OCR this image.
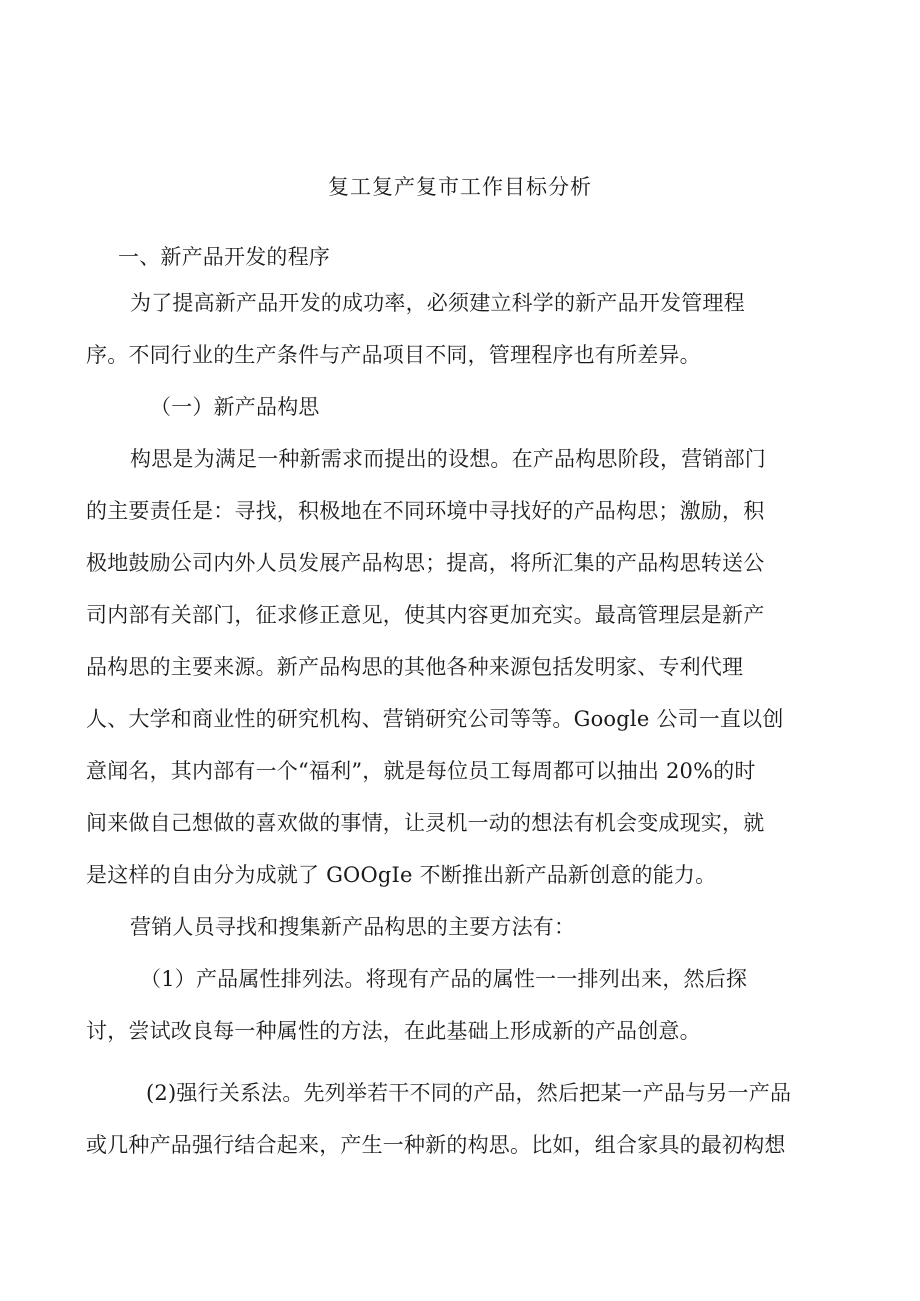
复工复产复市工作目标分析
一、新产品开发的程序
为了提高新产品开发的成功率，必须建立科学的新产品开发管理程
序。不同行业的生产条件与产品项目不同，管理程序也有所差异。
（一）新产品构思
构思是为满足一种新需求而提出的设想。在产品构思阶段，营销部门
的主要责任是：寻找，积极地在不同环境中寻找好的产品构思；激励，积
极地鼓励公司内外人员发展产品构思；提高，将所汇集的产品构思转送公
司内部有关部门，征求修正意见，使其内容更加充实。最高管理层是新产
品构思的主要来源。新产品构思的其他各种来源包括发明家、专利代理
人、大学和商业性的研究机构、营销研究公司等等。Google 公司一直以创
意闻名，其内部有一个“福利”，就是每位员工每周都可以抽出 20%的时
间来做自己想做的喜欢做的事情，让灵机一动的想法有机会变成现实，就
是这样的自由分为成就了 GOOgIe 不断推出新产品新创意的能力。
营销人员寻找和搜集新产品构思的主要方法有：
（1）产品属性排列法。将现有产品的属性一一排列出来，然后探
讨，尝试改良每一种属性的方法，在此基础上形成新的产品创意。
(2)强行关系法。先列举若干不同的产品，然后把某一产品与另一产品
或几种产品强行结合起来，产生一种新的构思。比如，组合家具的最初构想
